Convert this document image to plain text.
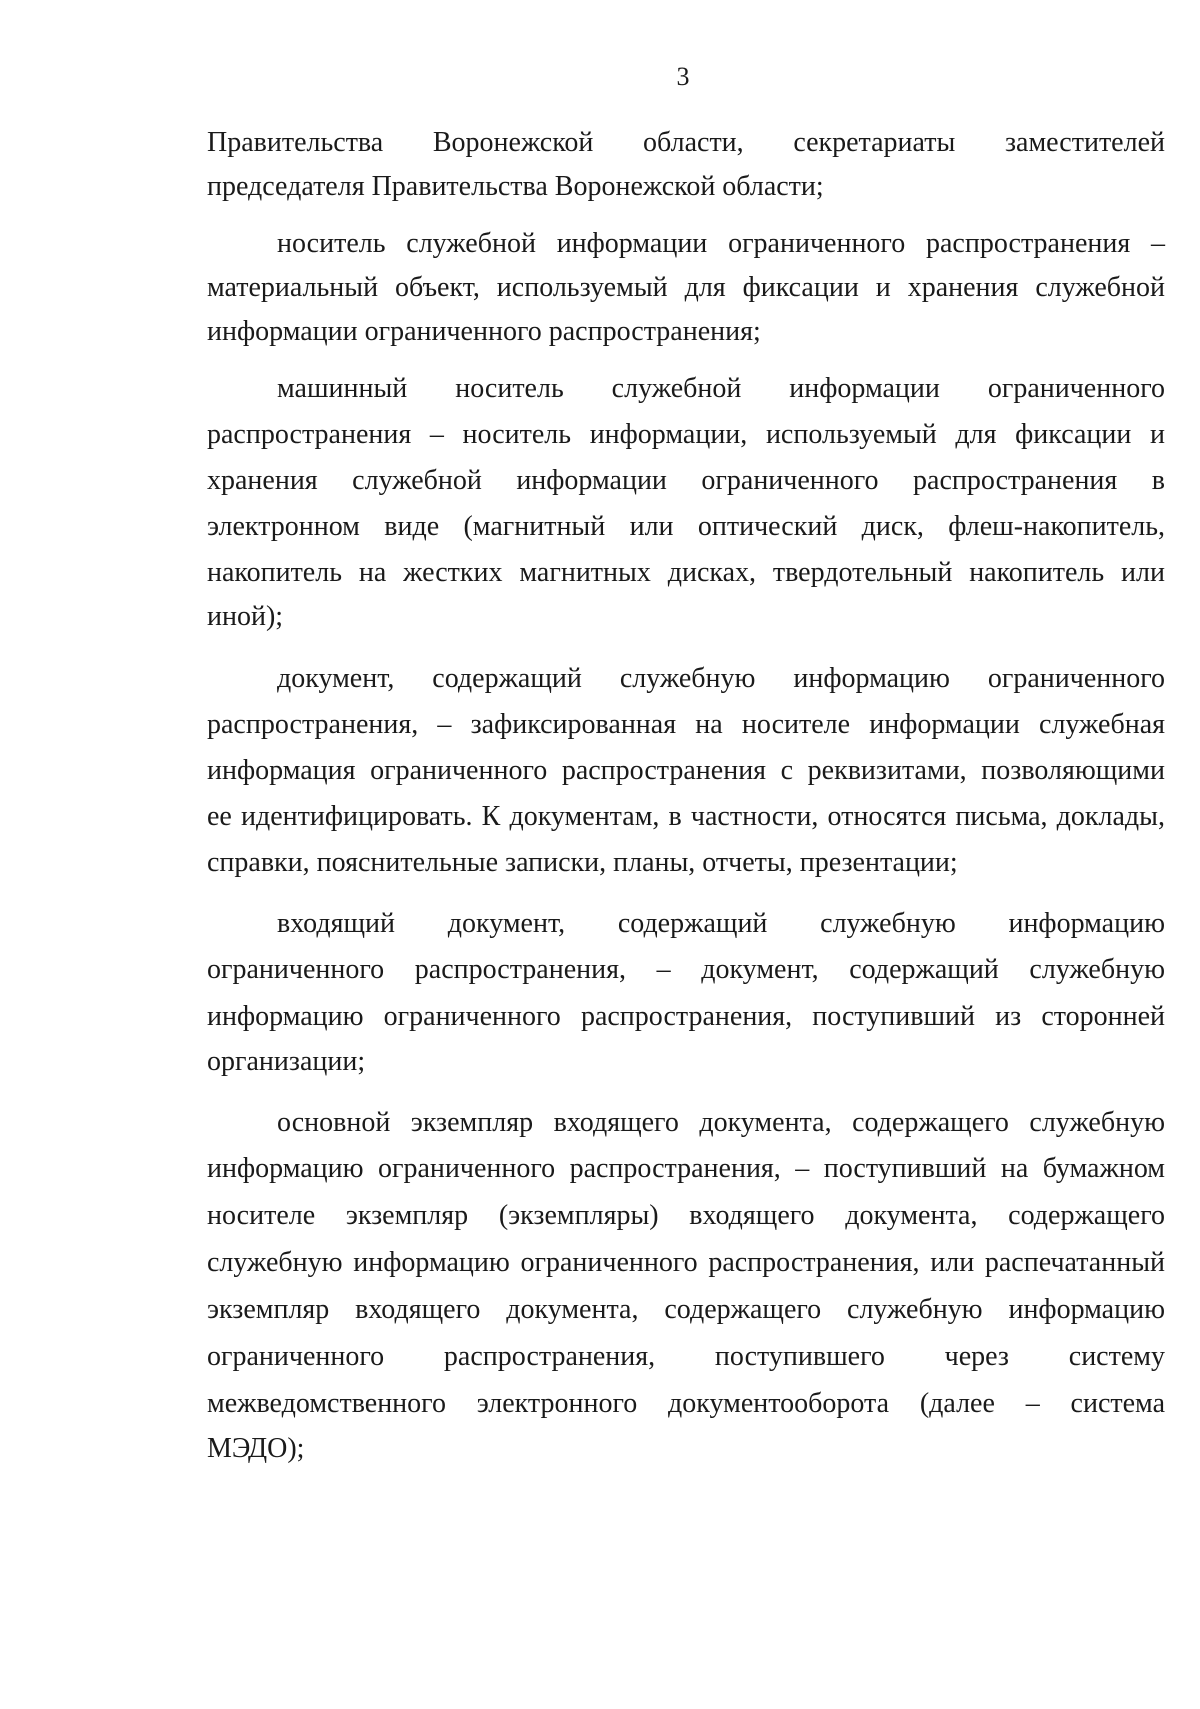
3
Правительства Воронежской области, секретариаты заместителей
председателя Правительства Воронежской области;
носитель служебной информации ограниченного распространения –
материальный объект, используемый для фиксации и хранения служебной
информации ограниченного распространения;
машинный носитель служебной информации ограниченного
распространения – носитель информации, используемый для фиксации и
хранения служебной информации ограниченного распространения в
электронном виде (магнитный или оптический диск, флеш-накопитель,
накопитель на жестких магнитных дисках, твердотельный накопитель или
иной);
документ, содержащий служебную информацию ограниченного
распространения, – зафиксированная на носителе информации служебная
информация ограниченного распространения с реквизитами, позволяющими
ее идентифицировать. К документам, в частности, относятся письма, доклады,
справки, пояснительные записки, планы, отчеты, презентации;
входящий документ, содержащий служебную информацию
ограниченного распространения, – документ, содержащий служебную
информацию ограниченного распространения, поступивший из сторонней
организации;
основной экземпляр входящего документа, содержащего служебную
информацию ограниченного распространения, – поступивший на бумажном
носителе экземпляр (экземпляры) входящего документа, содержащего
служебную информацию ограниченного распространения, или распечатанный
экземпляр входящего документа, содержащего служебную информацию
ограниченного распространения, поступившего через систему
межведомственного электронного документооборота (далее – система
МЭДО);
